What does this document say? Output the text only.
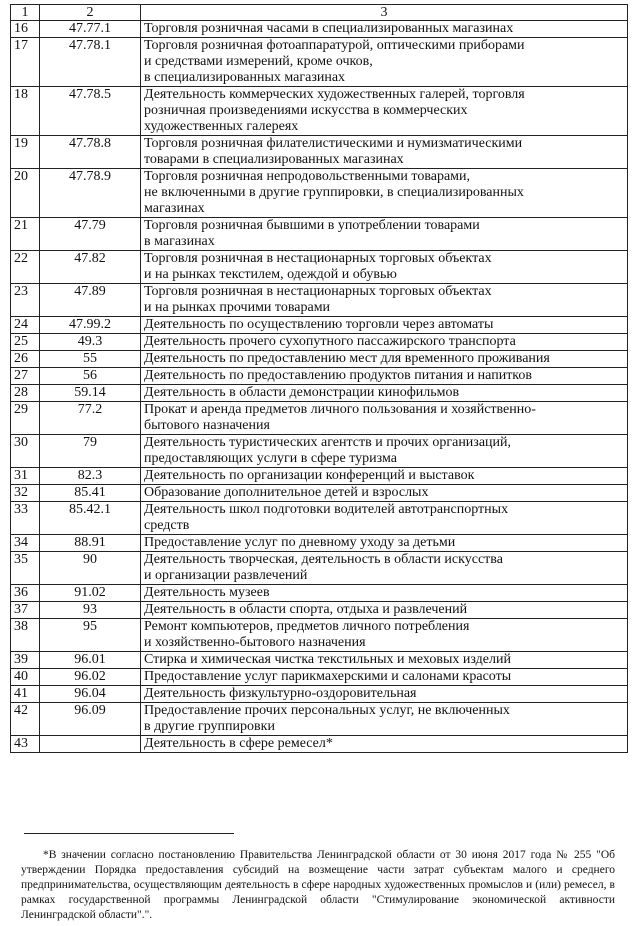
1	2	3
16	47.77.1	Торговля розничная часами в специализированных магазинах
17	47.78.1	Торговля розничная фотоаппаратурой, оптическими приборами
и средствами измерений, кроме очков,
в специализированных магазинах
18	47.78.5	Деятельность коммерческих художественных галерей, торговля
розничная произведениями искусства в коммерческих
художественных галереях
19	47.78.8	Торговля розничная филателистическими и нумизматическими
товарами в специализированных магазинах
20	47.78.9	Торговля розничная непродовольственными товарами,
не включенными в другие группировки, в специализированных
магазинах
21	47.79	Торговля розничная бывшими в употреблении товарами
в магазинах
22	47.82	Торговля розничная в нестационарных торговых объектах
и на рынках текстилем, одеждой и обувью
23	47.89	Торговля розничная в нестационарных торговых объектах
и на рынках прочими товарами
24	47.99.2	Деятельность по осуществлению торговли через автоматы
25	49.3	Деятельность прочего сухопутного пассажирского транспорта
26	55	Деятельность по предоставлению мест для временного проживания
27	56	Деятельность по предоставлению продуктов питания и напитков
28	59.14	Деятельность в области демонстрации кинофильмов
29	77.2	Прокат и аренда предметов личного пользования и хозяйственно-
бытового назначения
30	79	Деятельность туристических агентств и прочих организаций,
предоставляющих услуги в сфере туризма
31	82.3	Деятельность по организации конференций и выставок
32	85.41	Образование дополнительное детей и взрослых
33	85.42.1	Деятельность школ подготовки водителей автотранспортных
средств
34	88.91	Предоставление услуг по дневному уходу за детьми
35	90	Деятельность творческая, деятельность в области искусства
и организации развлечений
36	91.02	Деятельность музеев
37	93	Деятельность в области спорта, отдыха и развлечений
38	95	Ремонт компьютеров, предметов личного потребления
и хозяйственно-бытового назначения
39	96.01	Стирка и химическая чистка текстильных и меховых изделий
40	96.02	Предоставление услуг парикмахерскими и салонами красоты
41	96.04	Деятельность физкультурно-оздоровительная
42	96.09	Предоставление прочих персональных услуг, не включенных
в другие группировки
43		Деятельность в сфере ремесел*
*В значении согласно постановлению Правительства Ленинградской области от 30 июня 2017 года № 255 "Об утверждении Порядка предоставления субсидий на возмещение части затрат субъектам малого и среднего предпринимательства, осуществляющим деятельность в сфере народных художественных промыслов и (или) ремесел, в рамках государственной программы Ленинградской области "Стимулирование экономической активности Ленинградской области".".
